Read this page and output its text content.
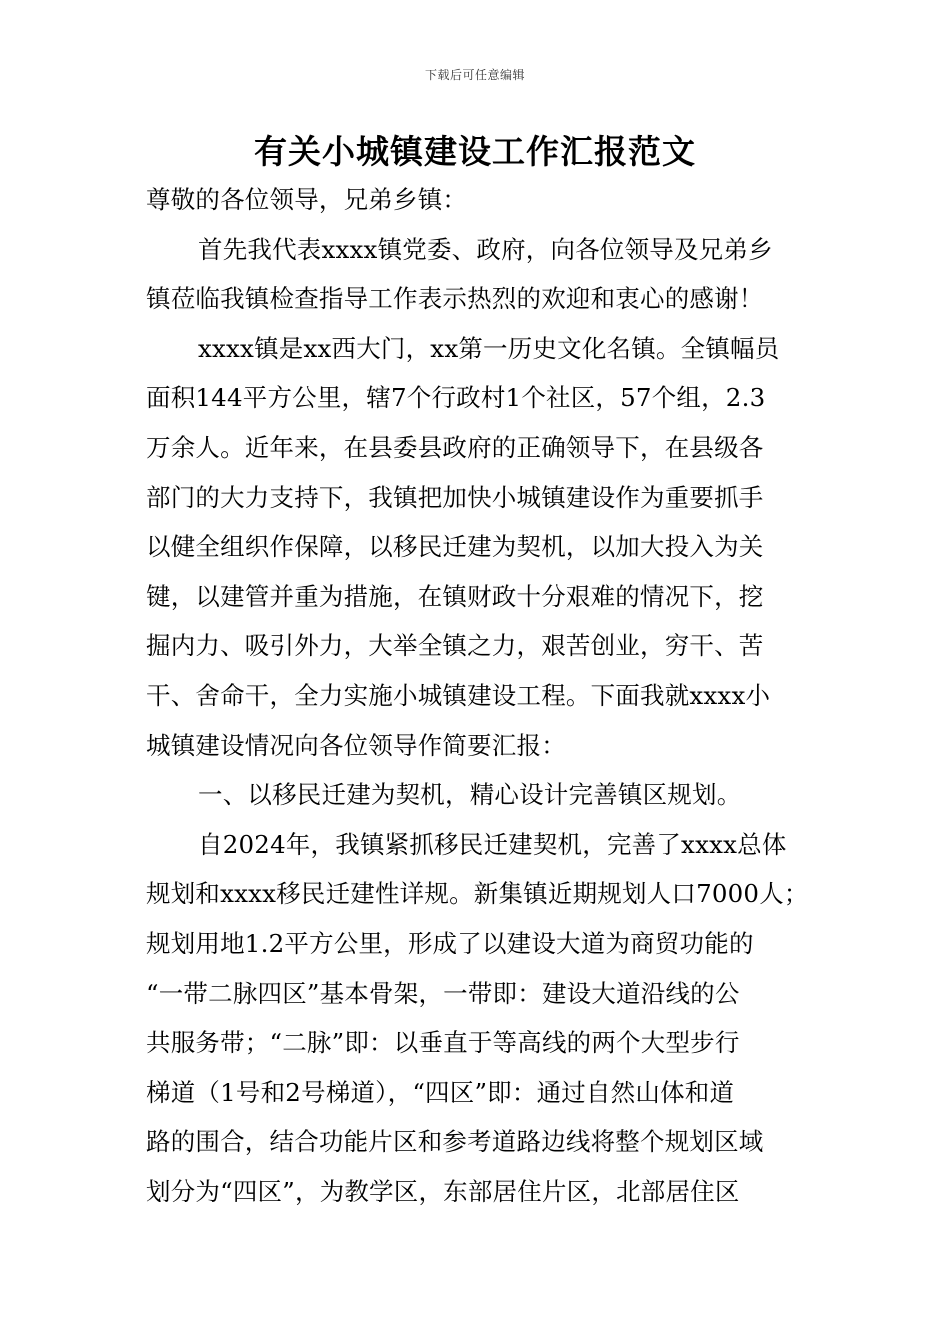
下载后可任意编辑
有关小城镇建设工作汇报范文
尊敬的各位领导，兄弟乡镇：
首先我代表xxxx镇党委、政府，向各位领导及兄弟乡
镇莅临我镇检查指导工作表示热烈的欢迎和衷心的感谢！
xxxx镇是xx西大门，xx第一历史文化名镇。全镇幅员
面积144平方公里，辖7个行政村1个社区，57个组，2.3
万余人。近年来，在县委县政府的正确领导下，在县级各
部门的大力支持下，我镇把加快小城镇建设作为重要抓手
以健全组织作保障，以移民迁建为契机，以加大投入为关
键，以建管并重为措施，在镇财政十分艰难的情况下，挖
掘内力、吸引外力，大举全镇之力，艰苦创业，穷干、苦
干、舍命干，全力实施小城镇建设工程。下面我就xxxx小
城镇建设情况向各位领导作简要汇报：
一、以移民迁建为契机，精心设计完善镇区规划。
自2024年，我镇紧抓移民迁建契机，完善了xxxx总体
规划和xxxx移民迁建性详规。新集镇近期规划人口7000人；
规划用地1.2平方公里，形成了以建设大道为商贸功能的
“一带二脉四区”基本骨架，一带即：建设大道沿线的公
共服务带；“二脉”即：以垂直于等高线的两个大型步行
梯道（1号和2号梯道），“四区”即：通过自然山体和道
路的围合，结合功能片区和参考道路边线将整个规划区域
划分为“四区”，为教学区，东部居住片区，北部居住区
